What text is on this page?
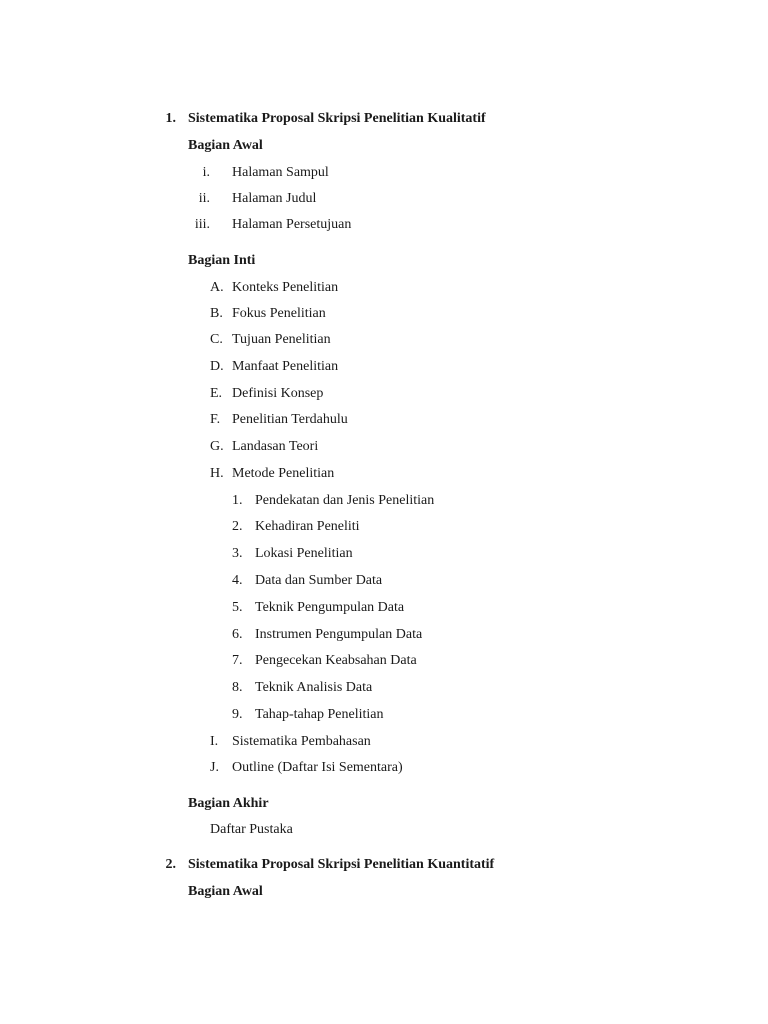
1. Sistematika Proposal Skripsi Penelitian Kualitatif
Bagian Awal
i. Halaman Sampul
ii. Halaman Judul
iii. Halaman Persetujuan
Bagian Inti
A. Konteks Penelitian
B. Fokus Penelitian
C. Tujuan Penelitian
D. Manfaat Penelitian
E. Definisi Konsep
F. Penelitian Terdahulu
G. Landasan Teori
H. Metode Penelitian
1. Pendekatan dan Jenis Penelitian
2. Kehadiran Peneliti
3. Lokasi Penelitian
4. Data dan Sumber Data
5. Teknik Pengumpulan Data
6. Instrumen Pengumpulan Data
7. Pengecekan Keabsahan Data
8. Teknik Analisis Data
9. Tahap-tahap Penelitian
I. Sistematika Pembahasan
J. Outline (Daftar Isi Sementara)
Bagian Akhir
Daftar Pustaka
2. Sistematika Proposal Skripsi Penelitian Kuantitatif
Bagian Awal
